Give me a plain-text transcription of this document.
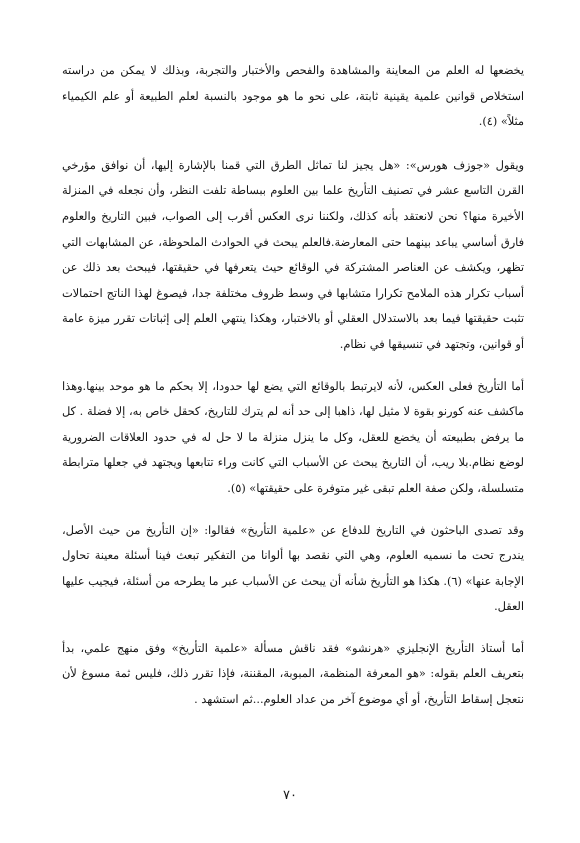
يخضعها له العلم من المعاينة والمشاهدة والفحص والأختبار والتجربة، وبذلك لا يمكن من دراسته استخلاص قوانين علمية يقينية ثابتة، على نحو ما هو موجود بالنسبة لعلم الطبيعة أو علم الكيمياء مثلاً» (٤).

ويقول «جوزف هورس»: «هل يجيز لنا تماثل الطرق التي قمنا بالإشارة إليها، أن نوافق مؤرخي القرن التاسع عشر في تصنيف التأريخ علما بين العلوم ببساطة تلفت النظر، وأن نجعله في المنزلة الأخيرة منها؟ نحن لانعتقد بأنه كذلك، ولكننا نرى العكس أقرب إلى الصواب، فبين التاريخ والعلوم فارق أساسي يباعد بينهما حتى المعارضة.فالعلم يبحث في الحوادث الملحوظة، عن المشابهات التي تظهر، ويكشف عن العناصر المشتركة في الوقائع حيث يتعرفها في حقيقتها، فيبحث بعد ذلك عن أسباب تكرار هذه الملامح تكرارا متشابها في وسط ظروف مختلفة جدا، فيصوغ لهذا الناتج احتمالات تثبت حقيقتها فيما بعد بالاستدلال العقلي أو بالاختبار، وهكذا ينتهي العلم إلى إثباتات تقرر ميزة عامة أو قوانين، وتجتهد في تنسيقها في نظام.

أما التأريخ فعلى العكس، لأنه لايرتبط بالوقائع التي يضع لها حدودا، إلا بحكم ما هو موحد بينها.وهذا ماكشف عنه كورنو بقوة لا مثيل لها، ذاهبا إلى حد أنه لم يترك للتاريخ، كحقل خاص به، إلا فضلة . كل ما يرفض بطبيعته أن يخضع للعقل، وكل ما ينزل منزلة ما لا حل له في حدود العلاقات الضرورية لوضع نظام.بلا ريب، أن التاريخ يبحث عن الأسباب التي كانت وراء تتابعها ويجتهد في جعلها مترابطة متسلسلة، ولكن صفة العلم تبقى غير متوفرة على حقيقتها» (٥).

وقد تصدى الباحثون في التاريخ للدفاع عن «علمية التأريخ» فقالوا: «إن التأريخ من حيث الأصل، يندرج تحت ما نسميه العلوم، وهي التي نقصد بها ألوانا من التفكير تبعث فينا أسئلة معينة تحاول الإجابة عنها» (٦). هكذا هو التأريخ شأنه أن يبحث عن الأسباب عبر ما يطرحه من أسئلة، فيجيب عليها العقل.

أما أستاذ التأريخ الإنجليزي «هرنشو» فقد ناقش مسألة «علمية التأريخ» وفق منهج علمي، بدأ بتعريف العلم بقوله: «هو المعرفة المنظمة، المبوبة، المقننة، فإذا تقرر ذلك، فليس ثمة مسوغ لأن نتعجل إسقاط التأريخ، أو أي موضوع آخر من عداد العلوم...ثم استشهد .

٧٠
